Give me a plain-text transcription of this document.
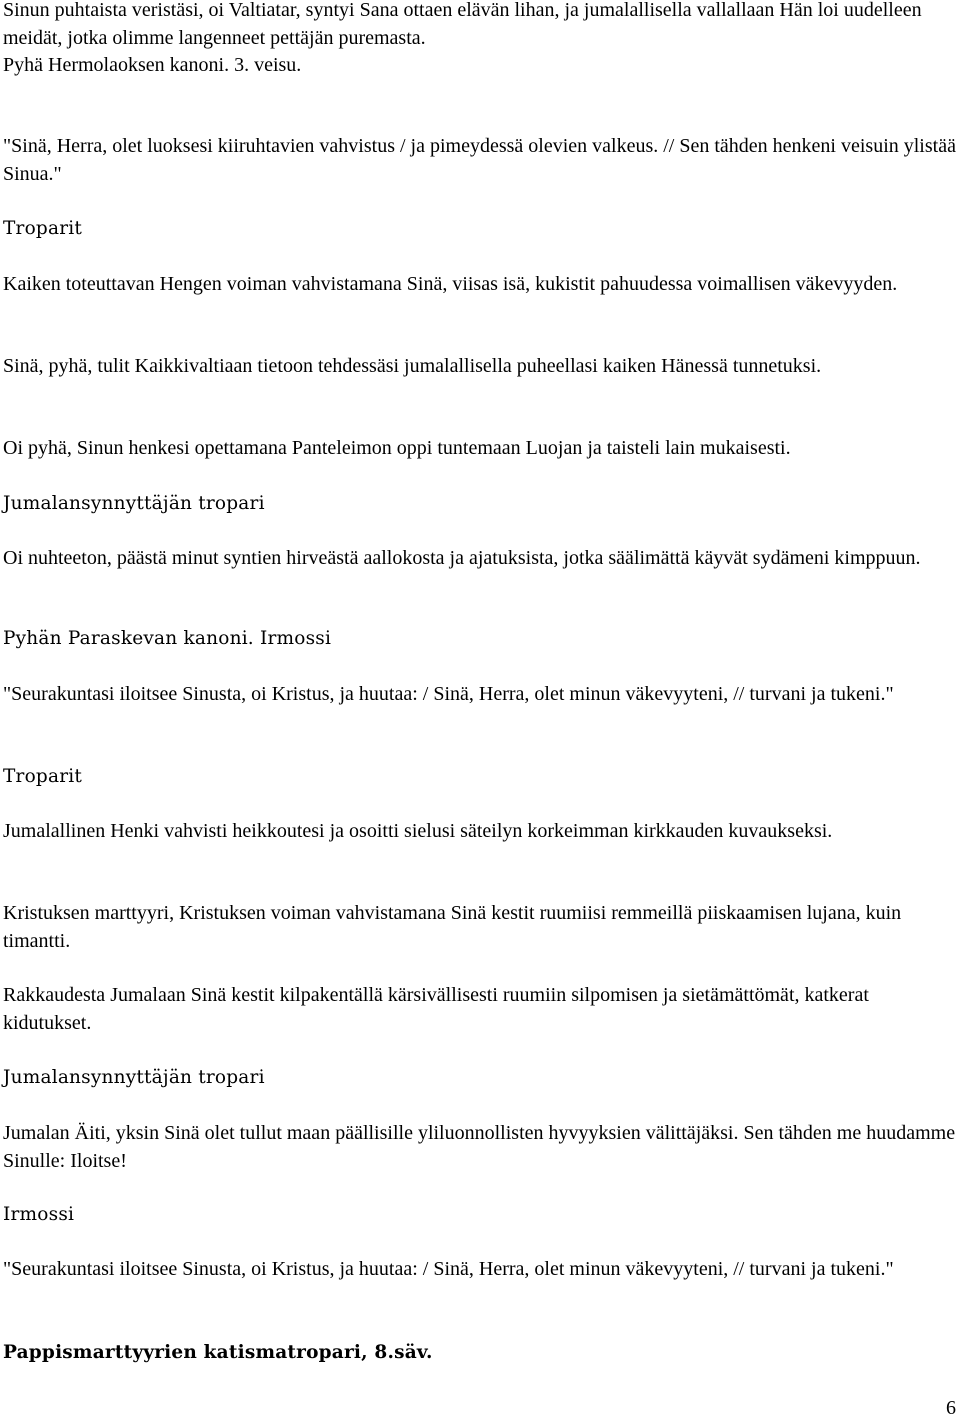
Sinun puhtaista veristäsi, oi Valtiatar, syntyi Sana ottaen elävän lihan, ja jumalallisella vallallaan Hän loi uudelleen meidät, jotka olimme langenneet pettäjän puremasta.

Pyhä Hermolaoksen kanoni. 3. veisu.

"Sinä, Herra, olet luoksesi kiiruhtavien vahvistus / ja pimeydessä olevien valkeus. // Sen tähden henkeni veisuin ylistää Sinua."

Troparit

Kaiken toteuttavan Hengen voiman vahvistamana Sinä, viisas isä, kukistit pahuudessa voimallisen väkevyyden.

Sinä, pyhä, tulit Kaikkivaltiaan tietoon tehdessäsi jumalallisella puheellasi kaiken Hänessä tunnetuksi.

Oi pyhä, Sinun henkesi opettamana Panteleimon oppi tuntemaan Luojan ja taisteli lain mukaisesti.

Jumalansynnyttäjän tropari

Oi nuhteeton, päästä minut syntien hirveästä aallokosta ja ajatuksista, jotka säälimättä käyvät sydämeni kimppuun.

Pyhän Paraskevan kanoni. Irmossi

"Seurakuntasi iloitsee Sinusta, oi Kristus, ja huutaa: / Sinä, Herra, olet minun väkevyyteni, // turvani ja tukeni."

Troparit

Jumalallinen Henki vahvisti heikkoutesi ja osoitti sielusi säteilyn korkeimman kirkkauden kuvaukseksi.

Kristuksen marttyyri, Kristuksen voiman vahvistamana Sinä kestit ruumiisi remmeillä piiskaamisen lujana, kuin timantti.

Rakkaudesta Jumalaan Sinä kestit kilpakentällä kärsivällisesti ruumiin silpomisen ja sietämättömät, katkerat kidutukset.

Jumalansynnyttäjän tropari

Jumalan Äiti, yksin Sinä olet tullut maan päällisille yliluonnollisten hyvyyksien välittäjäksi. Sen tähden me huudamme Sinulle: Iloitse!

Irmossi

"Seurakuntasi iloitsee Sinusta, oi Kristus, ja huutaa: / Sinä, Herra, olet minun väkevyyteni, // turvani ja tukeni."

Pappismarttyyrien katismatropari, 8.säv.

6
